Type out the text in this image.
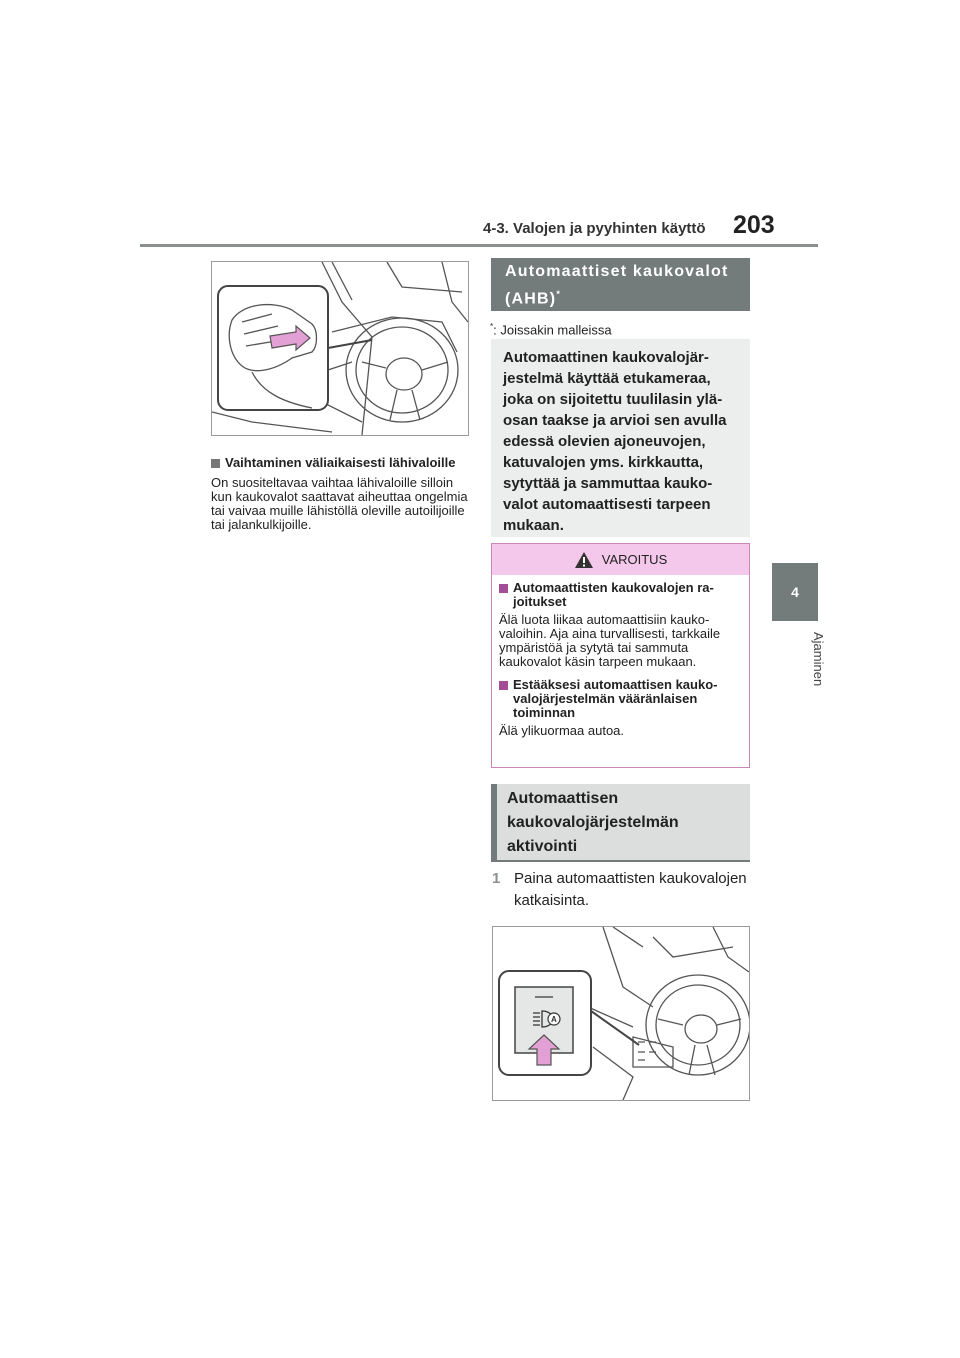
4-3. Valojen ja pyyhinten käyttö 203
4
Ajaminen
Vaihtaminen väliaikaisesti lähivaloille
On suositeltavaa vaihtaa lähivaloille silloin kun kaukovalot saattavat aiheuttaa ongelmia tai vaivaa muille lähistöllä oleville autoilijoille tai jalankulkijoille.
Automaattiset kaukovalot (AHB)*
*: Joissakin malleissa
Automaattinen kaukovalojärjestelmä käyttää etukameraa, joka on sijoitettu tuulilasin yläosan taakse ja arvioi sen avulla edessä olevien ajoneuvojen, katuvalojen yms. kirkkautta, sytyttää ja sammuttaa kaukovalot automaattisesti tarpeen mukaan.
VAROITUS
Automaattisten kaukovalojen rajoitukset
Älä luota liikaa automaattisiin kaukovaloihin. Aja aina turvallisesti, tarkkaile ympäristöä ja sytytä tai sammuta kaukovalot käsin tarpeen mukaan.
Estääksesi automaattisen kaukovalojärjestelmän vääränlaisen toiminnan
Älä ylikuormaa autoa.
Automaattisen kaukovalojärjestelmän aktivointi
1 Paina automaattisten kaukovalojen katkaisinta.
A
